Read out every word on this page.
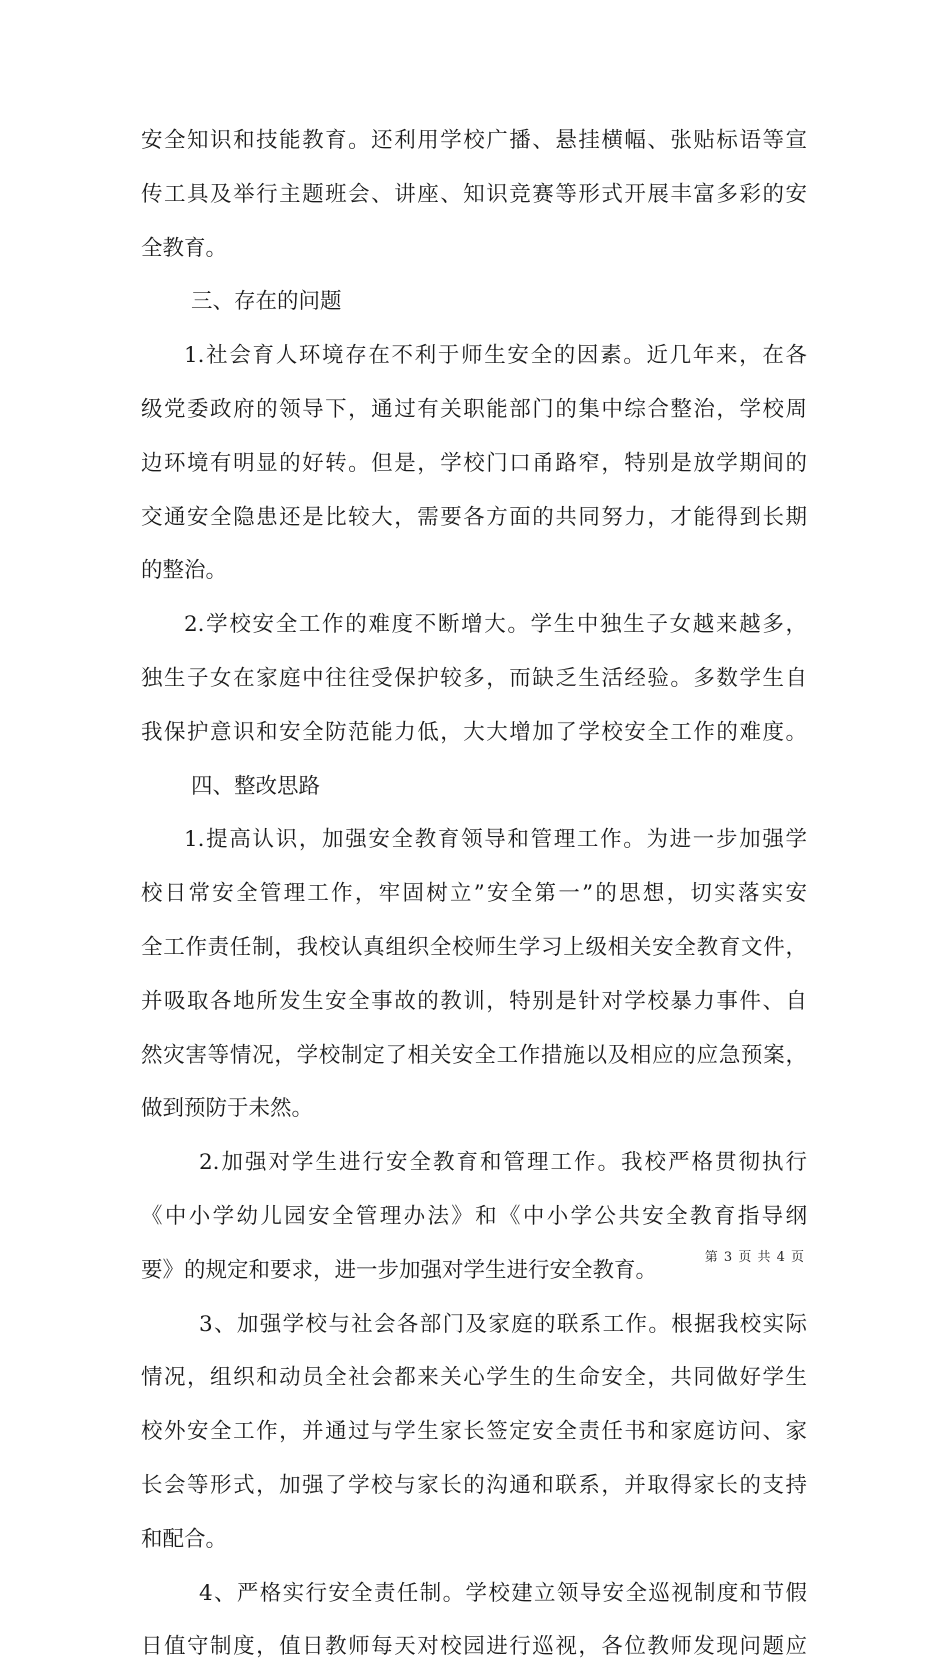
安全知识和技能教育。还利用学校广播、悬挂横幅、张贴标语等宣
传工具及举行主题班会、讲座、知识竞赛等形式开展丰富多彩的安
全教育。
三、存在的问题
1.社会育人环境存在不利于师生安全的因素。近几年来，在各
级党委政府的领导下，通过有关职能部门的集中综合整治，学校周
边环境有明显的好转。但是，学校门口甬路窄，特别是放学期间的
交通安全隐患还是比较大，需要各方面的共同努力，才能得到长期
的整治。
2.学校安全工作的难度不断增大。学生中独生子女越来越多，
独生子女在家庭中往往受保护较多，而缺乏生活经验。多数学生自
我保护意识和安全防范能力低，大大增加了学校安全工作的难度。
四、整改思路
1.提高认识，加强安全教育领导和管理工作。为进一步加强学
校日常安全管理工作，牢固树立”安全第一”的思想，切实落实安
全工作责任制，我校认真组织全校师生学习上级相关安全教育文件，
并吸取各地所发生安全事故的教训，特别是针对学校暴力事件、自
然灾害等情况，学校制定了相关安全工作措施以及相应的应急预案，
做到预防于未然。
2.加强对学生进行安全教育和管理工作。我校严格贯彻执行
《中小学幼儿园安全管理办法》和《中小学公共安全教育指导纲
要》的规定和要求，进一步加强对学生进行安全教育。
3、加强学校与社会各部门及家庭的联系工作。根据我校实际
情况，组织和动员全社会都来关心学生的生命安全，共同做好学生
校外安全工作，并通过与学生家长签定安全责任书和家庭访问、家
长会等形式，加强了学校与家长的沟通和联系，并取得家长的支持
和配合。
4、严格实行安全责任制。学校建立领导安全巡视制度和节假
日值守制度，值日教师每天对校园进行巡视，各位教师发现问题应
第 3 页 共 4 页
